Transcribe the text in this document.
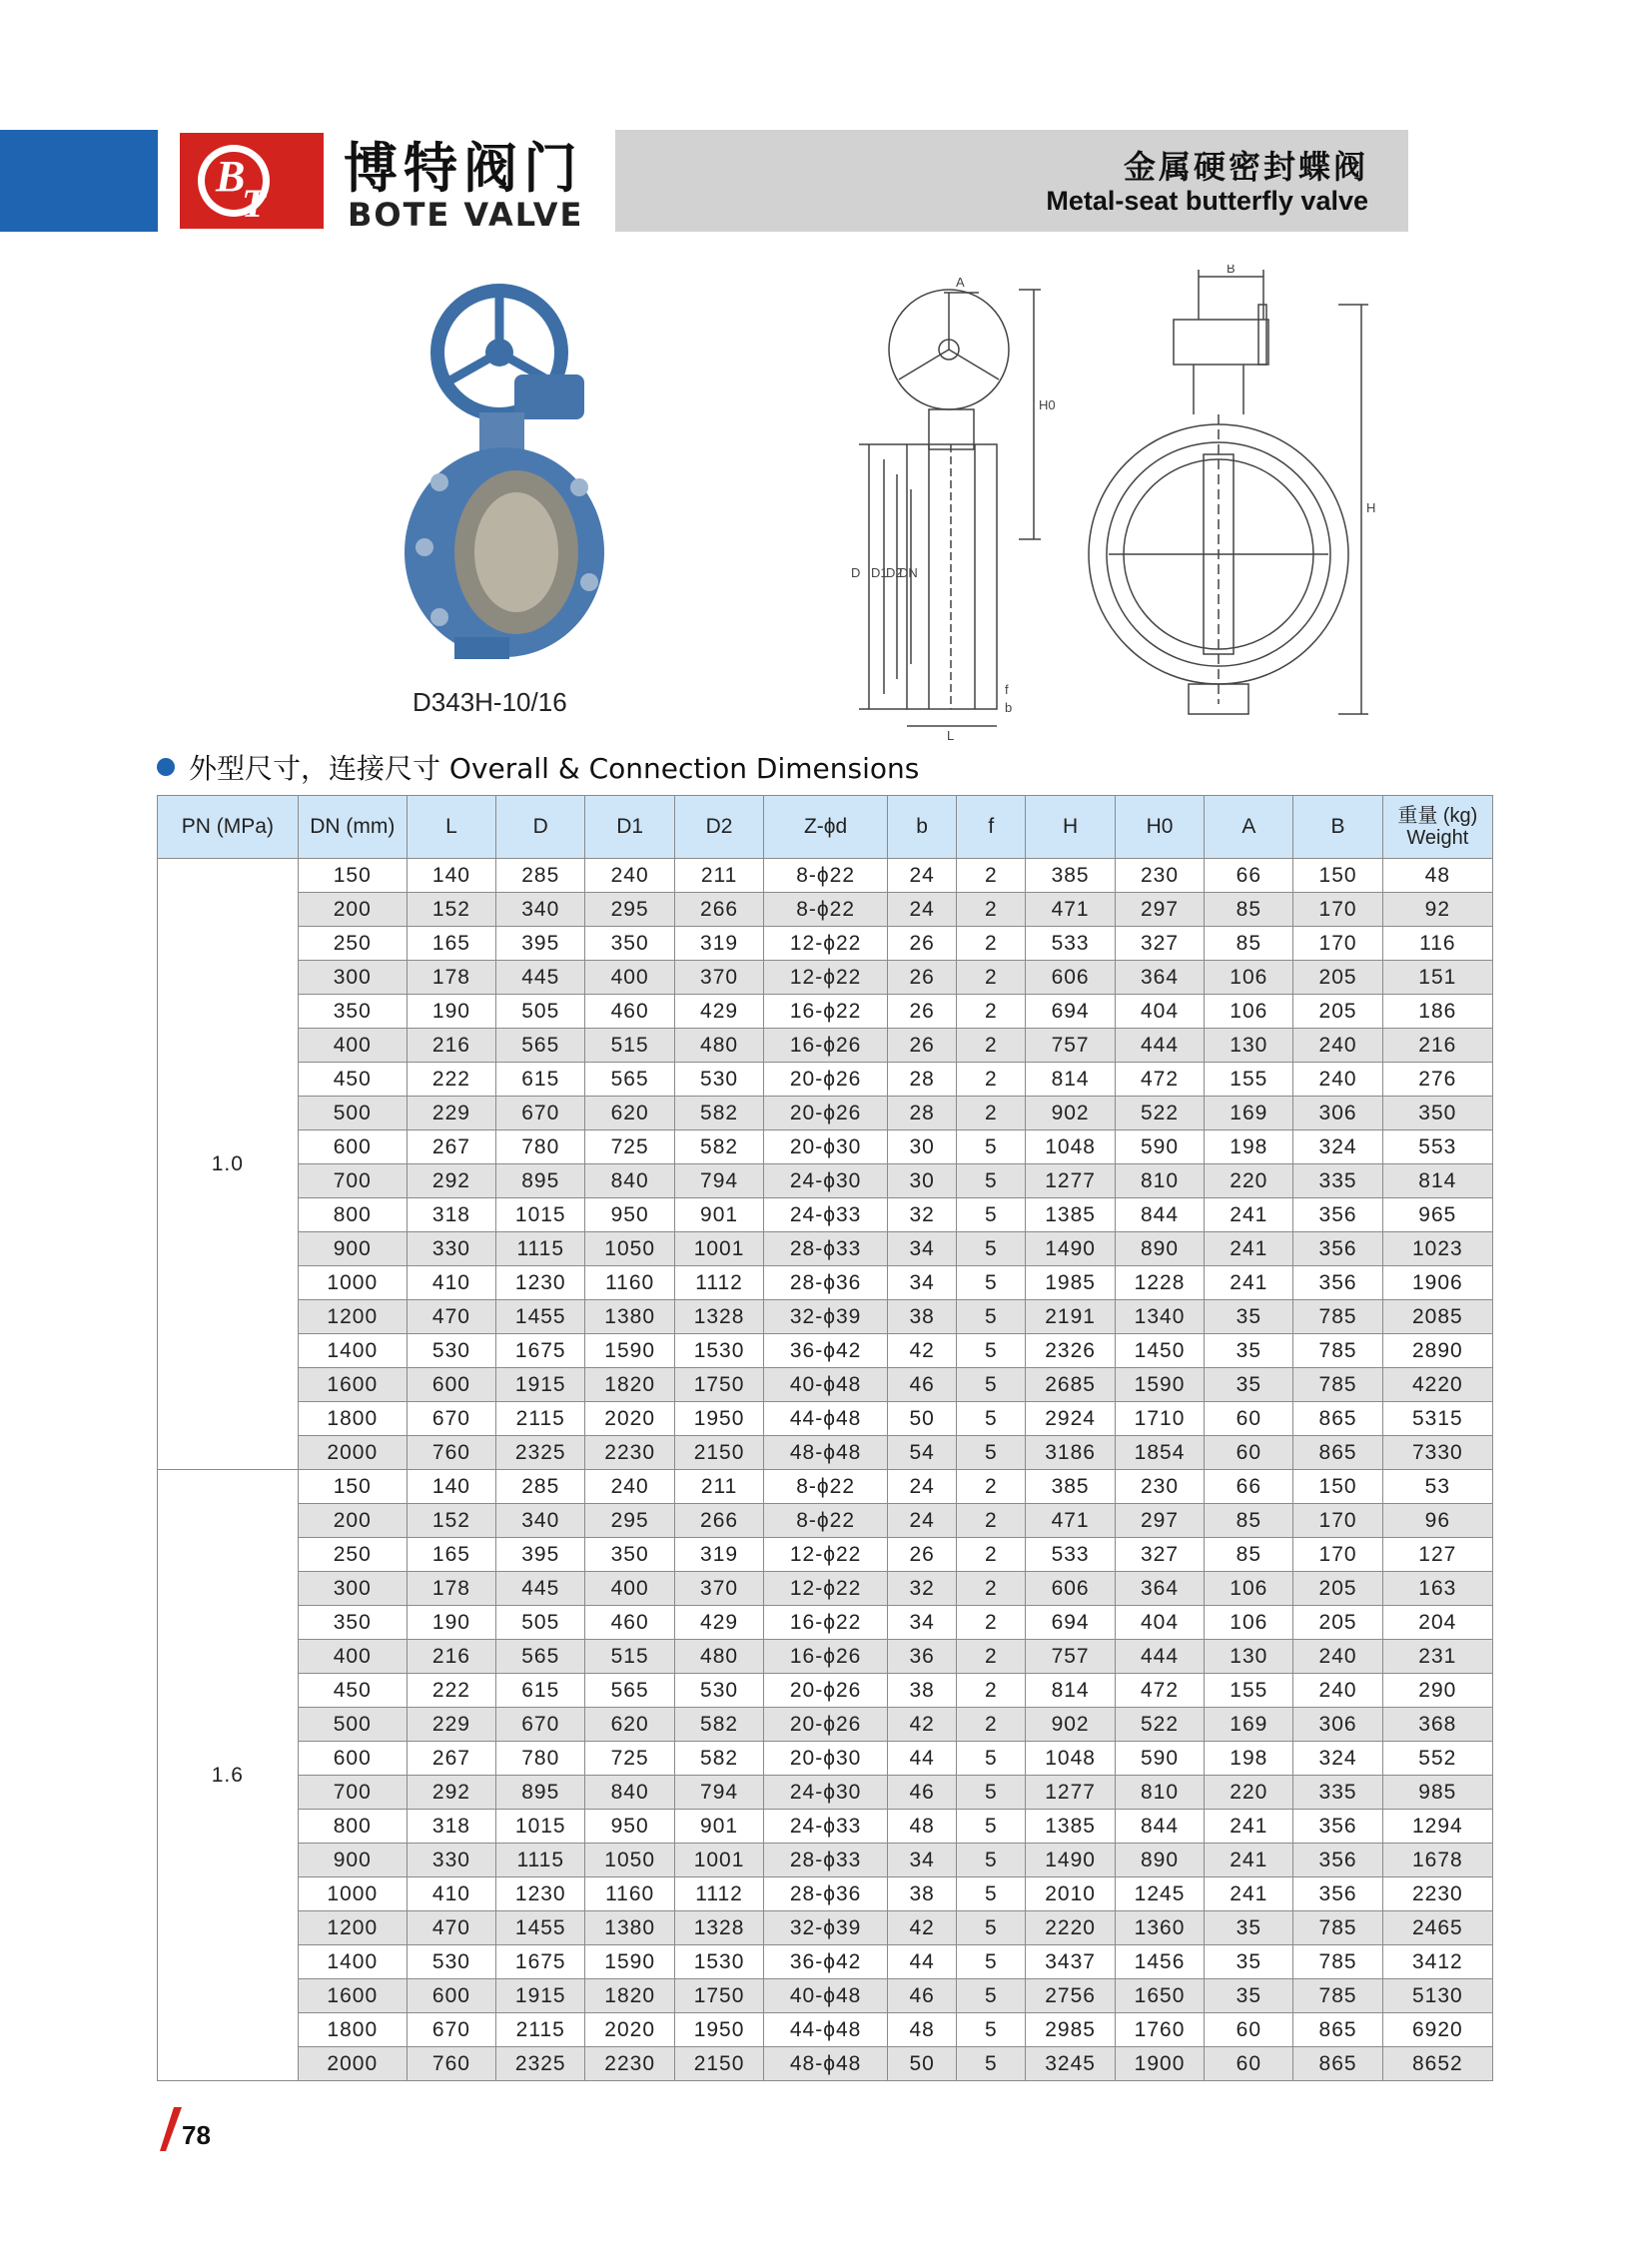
B
T
博特阀门
BOTE VALVE
金属硬密封蝶阀
Metal-seat butterfly valve
D343H-10/16
A
B
H0
H
D D1
D2
DN
f
b
L
外型尺寸，连接尺寸 Overall & Connection Dimensions
PN (MPa)	DN (mm)	L	D	D1	D2	Z-ϕd	b	f	H	H0	A	B	重量 (kg)
Weight

1.0	150	140	285	240	211	8-ϕ22	24	2	385	230	66	150	48
	200	152	340	295	266	8-ϕ22	24	2	471	297	85	170	92
	250	165	395	350	319	12-ϕ22	26	2	533	327	85	170	116
	300	178	445	400	370	12-ϕ22	26	2	606	364	106	205	151
	350	190	505	460	429	16-ϕ22	26	2	694	404	106	205	186
	400	216	565	515	480	16-ϕ26	26	2	757	444	130	240	216
	450	222	615	565	530	20-ϕ26	28	2	814	472	155	240	276
	500	229	670	620	582	20-ϕ26	28	2	902	522	169	306	350
	600	267	780	725	582	20-ϕ30	30	5	1048	590	198	324	553
	700	292	895	840	794	24-ϕ30	30	5	1277	810	220	335	814
	800	318	1015	950	901	24-ϕ33	32	5	1385	844	241	356	965
	900	330	1115	1050	1001	28-ϕ33	34	5	1490	890	241	356	1023
	1000	410	1230	1160	1112	28-ϕ36	34	5	1985	1228	241	356	1906
	1200	470	1455	1380	1328	32-ϕ39	38	5	2191	1340	35	785	2085
	1400	530	1675	1590	1530	36-ϕ42	42	5	2326	1450	35	785	2890
	1600	600	1915	1820	1750	40-ϕ48	46	5	2685	1590	35	785	4220
	1800	670	2115	2020	1950	44-ϕ48	50	5	2924	1710	60	865	5315
	2000	760	2325	2230	2150	48-ϕ48	54	5	3186	1854	60	865	7330
1.6	150	140	285	240	211	8-ϕ22	24	2	385	230	66	150	53
	200	152	340	295	266	8-ϕ22	24	2	471	297	85	170	96
	250	165	395	350	319	12-ϕ22	26	2	533	327	85	170	127
	300	178	445	400	370	12-ϕ22	32	2	606	364	106	205	163
	350	190	505	460	429	16-ϕ22	34	2	694	404	106	205	204
	400	216	565	515	480	16-ϕ26	36	2	757	444	130	240	231
	450	222	615	565	530	20-ϕ26	38	2	814	472	155	240	290
	500	229	670	620	582	20-ϕ26	42	2	902	522	169	306	368
	600	267	780	725	582	20-ϕ30	44	5	1048	590	198	324	552
	700	292	895	840	794	24-ϕ30	46	5	1277	810	220	335	985
	800	318	1015	950	901	24-ϕ33	48	5	1385	844	241	356	1294
	900	330	1115	1050	1001	28-ϕ33	34	5	1490	890	241	356	1678
	1000	410	1230	1160	1112	28-ϕ36	38	5	2010	1245	241	356	2230
	1200	470	1455	1380	1328	32-ϕ39	42	5	2220	1360	35	785	2465
	1400	530	1675	1590	1530	36-ϕ42	44	5	3437	1456	35	785	3412
	1600	600	1915	1820	1750	40-ϕ48	46	5	2756	1650	35	785	5130
	1800	670	2115	2020	1950	44-ϕ48	48	5	2985	1760	60	865	6920
	2000	760	2325	2230	2150	48-ϕ48	50	5	3245	1900	60	865	8652
78
